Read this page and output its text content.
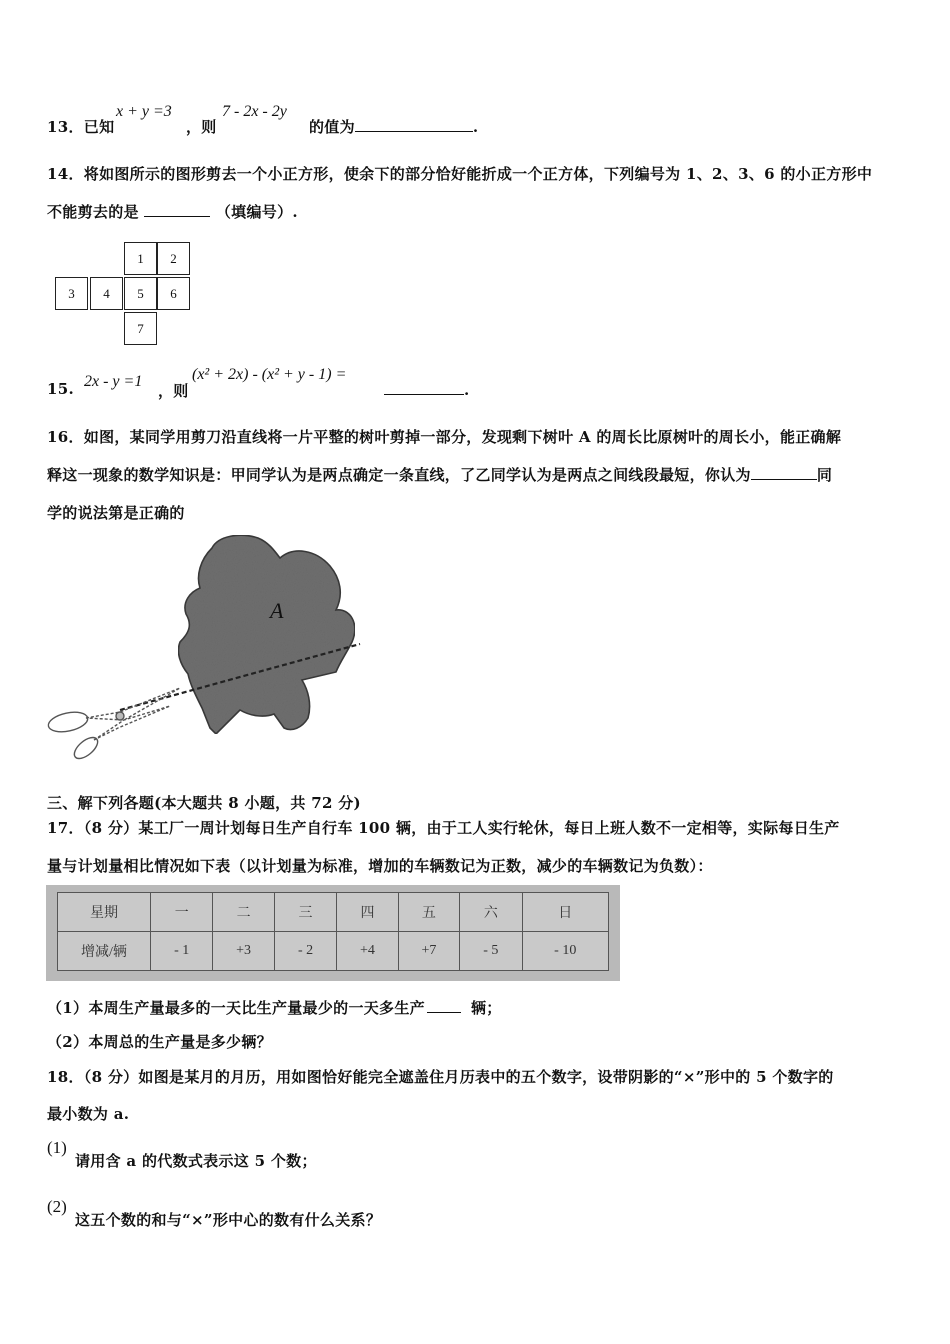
13．已知
x + y =3
，则
7 - 2x - 2y
的值为	.
14．将如图所示的图形剪去一个小正方形，使余下的部分恰好能折成一个正方体，下列编号为 1、2、3、6 的小正方形中
不能剪去的是	（填编号）.
1	2
3	4	5	6
7
15. 2x - y =1
，则
(x² + 2x) - (x² + y - 1) =
.
16．如图，某同学用剪刀沿直线将一片平整的树叶剪掉一部分，发现剩下树叶 A 的周长比原树叶的周长小，能正确解
释这一现象的数学知识是：甲同学认为是两点确定一条直线，了乙同学认为是两点之间线段最短，你认为	同
学的说法第是正确的
A
三、解下列各题(本大题共 8 小题，共 72 分)
17．（8 分）某工厂一周计划每日生产自行车 100 辆，由于工人实行轮休，每日上班人数不一定相等，实际每日生产
量与计划量相比情况如下表（以计划量为标准，增加的车辆数记为正数，减少的车辆数记为负数）：
星期	一	二	三	四	五	六	日
增减/辆	- 1	+3	- 2	+4	+7	- 5	- 10
（1）本周生产量最多的一天比生产量最少的一天多生产	辆；
（2）本周总的生产量是多少辆？
18．（8 分）如图是某月的月历，用如图恰好能完全遮盖住月历表中的五个数字，设带阴影的“×”形中的 5 个数字的
最小数为 a.
(1)
请用含 a 的代数式表示这 5 个数；
(2)
这五个数的和与“×”形中心的数有什么关系？
